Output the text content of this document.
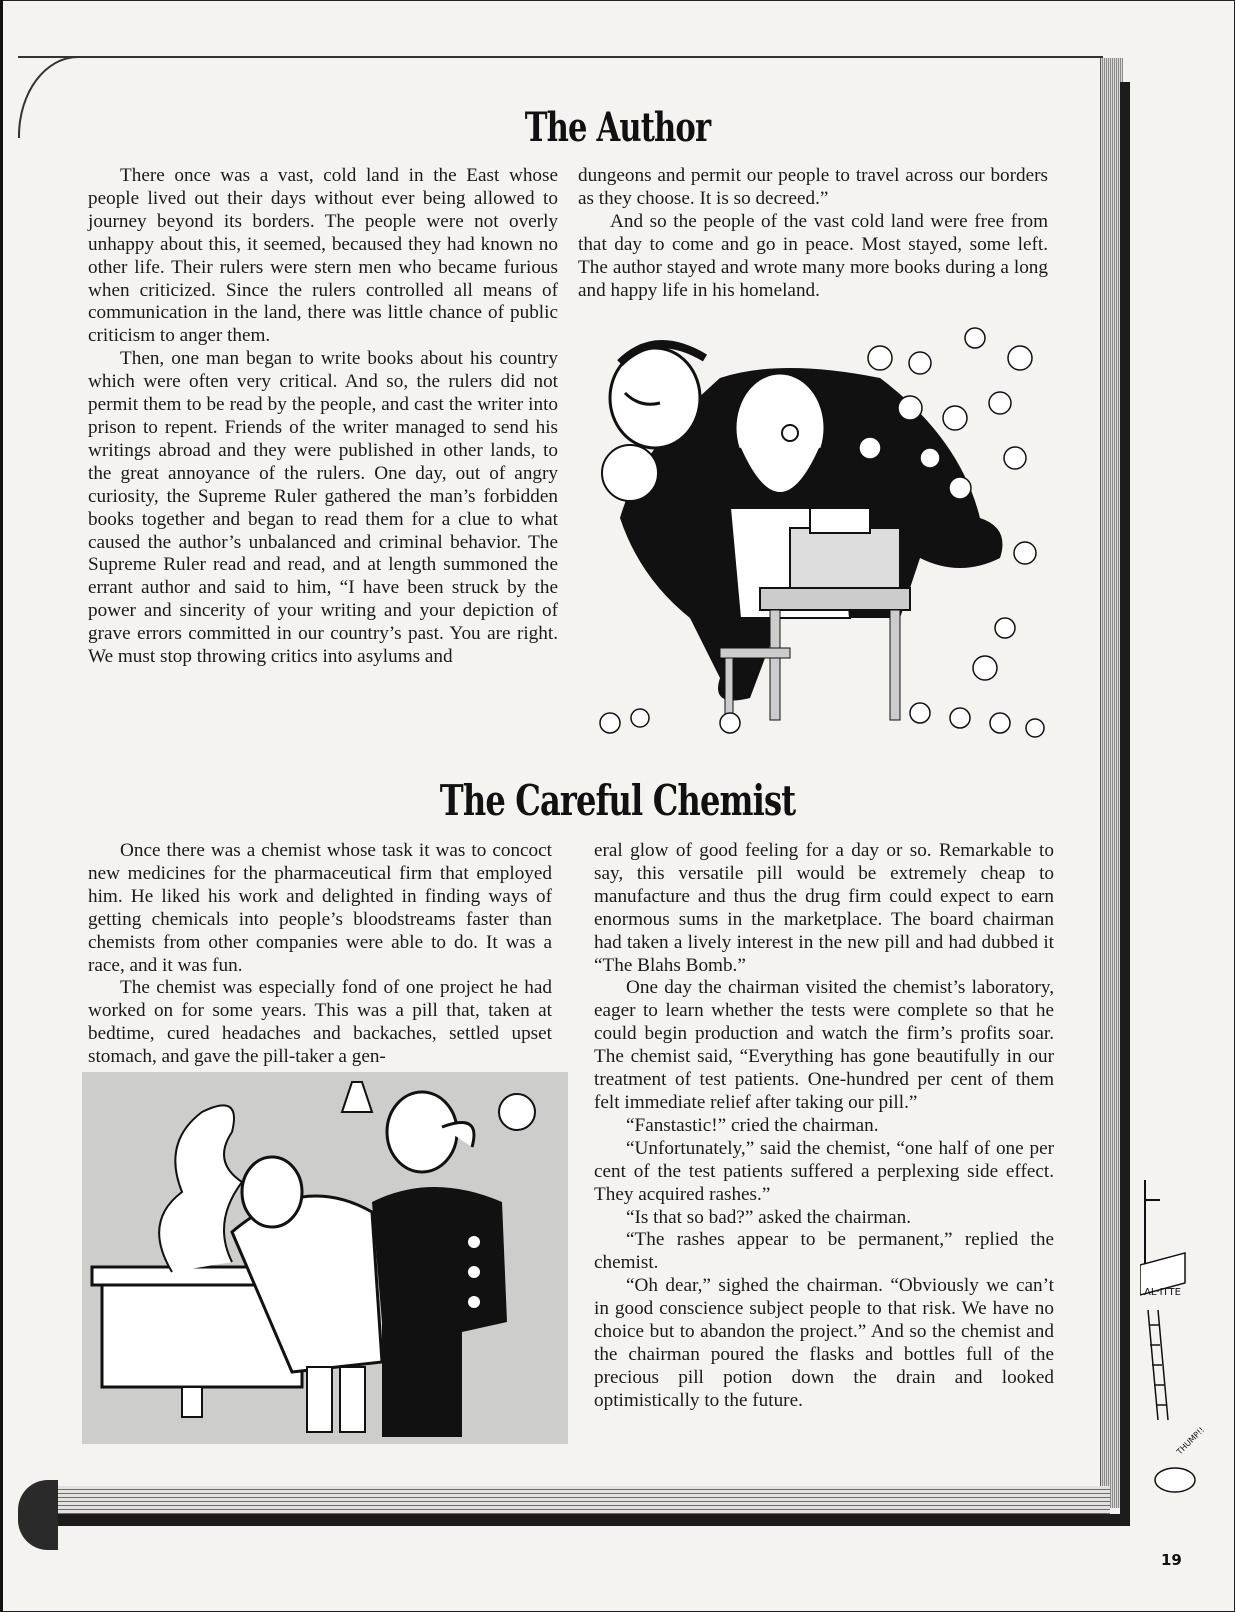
The Author

There once was a vast, cold land in the East whose people lived out their days without ever being allowed to journey beyond its borders. The people were not overly unhappy about this, it seemed, becaused they had known no other life. Their rulers were stern men who became furious when criticized. Since the rulers controlled all means of communication in the land, there was little chance of public criticism to anger them.

Then, one man began to write books about his country which were often very critical. And so, the rulers did not permit them to be read by the people, and cast the writer into prison to repent. Friends of the writer managed to send his writings abroad and they were published in other lands, to the great annoyance of the rulers. One day, out of angry curiosity, the Supreme Ruler gathered the man’s forbidden books together and began to read them for a clue to what caused the author’s unbalanced and criminal behavior. The Supreme Ruler read and read, and at length summoned the errant author and said to him, “I have been struck by the power and sincerity of your writing and your depiction of grave errors committed in our country’s past. You are right. We must stop throwing critics into asylums and

dungeons and permit our people to travel across our borders as they choose. It is so decreed.”

And so the people of the vast cold land were free from that day to come and go in peace. Most stayed, some left. The author stayed and wrote many more books during a long and happy life in his homeland.

The Careful Chemist

Once there was a chemist whose task it was to concoct new medicines for the pharmaceutical firm that employed him. He liked his work and delighted in finding ways of getting chemicals into people’s bloodstreams faster than chemists from other companies were able to do. It was a race, and it was fun.

The chemist was especially fond of one project he had worked on for some years. This was a pill that, taken at bedtime, cured headaches and backaches, settled upset stomach, and gave the pill-taker a gen-

eral glow of good feeling for a day or so. Remarkable to say, this versatile pill would be extremely cheap to manufacture and thus the drug firm could expect to earn enormous sums in the marketplace. The board chairman had taken a lively interest in the new pill and had dubbed it “The Blahs Bomb.”

One day the chairman visited the chemist’s laboratory, eager to learn whether the tests were complete so that he could begin production and watch the firm’s profits soar. The chemist said, “Everything has gone beautifully in our treatment of test patients. One-hundred per cent of them felt immediate relief after taking our pill.”

“Fanstastic!” cried the chairman.

“Unfortunately,” said the chemist, “one half of one per cent of the test patients suffered a perplexing side effect. They acquired rashes.”

“Is that so bad?” asked the chairman.

“The rashes appear to be permanent,” replied the chemist.

“Oh dear,” sighed the chairman. “Obviously we can’t in good conscience subject people to that risk. We have no choice but to abandon the project.” And so the chemist and the chairman poured the flasks and bottles full of the precious pill potion down the drain and looked optimistically to the future.

AL·ITTE
THUMP!!
19
